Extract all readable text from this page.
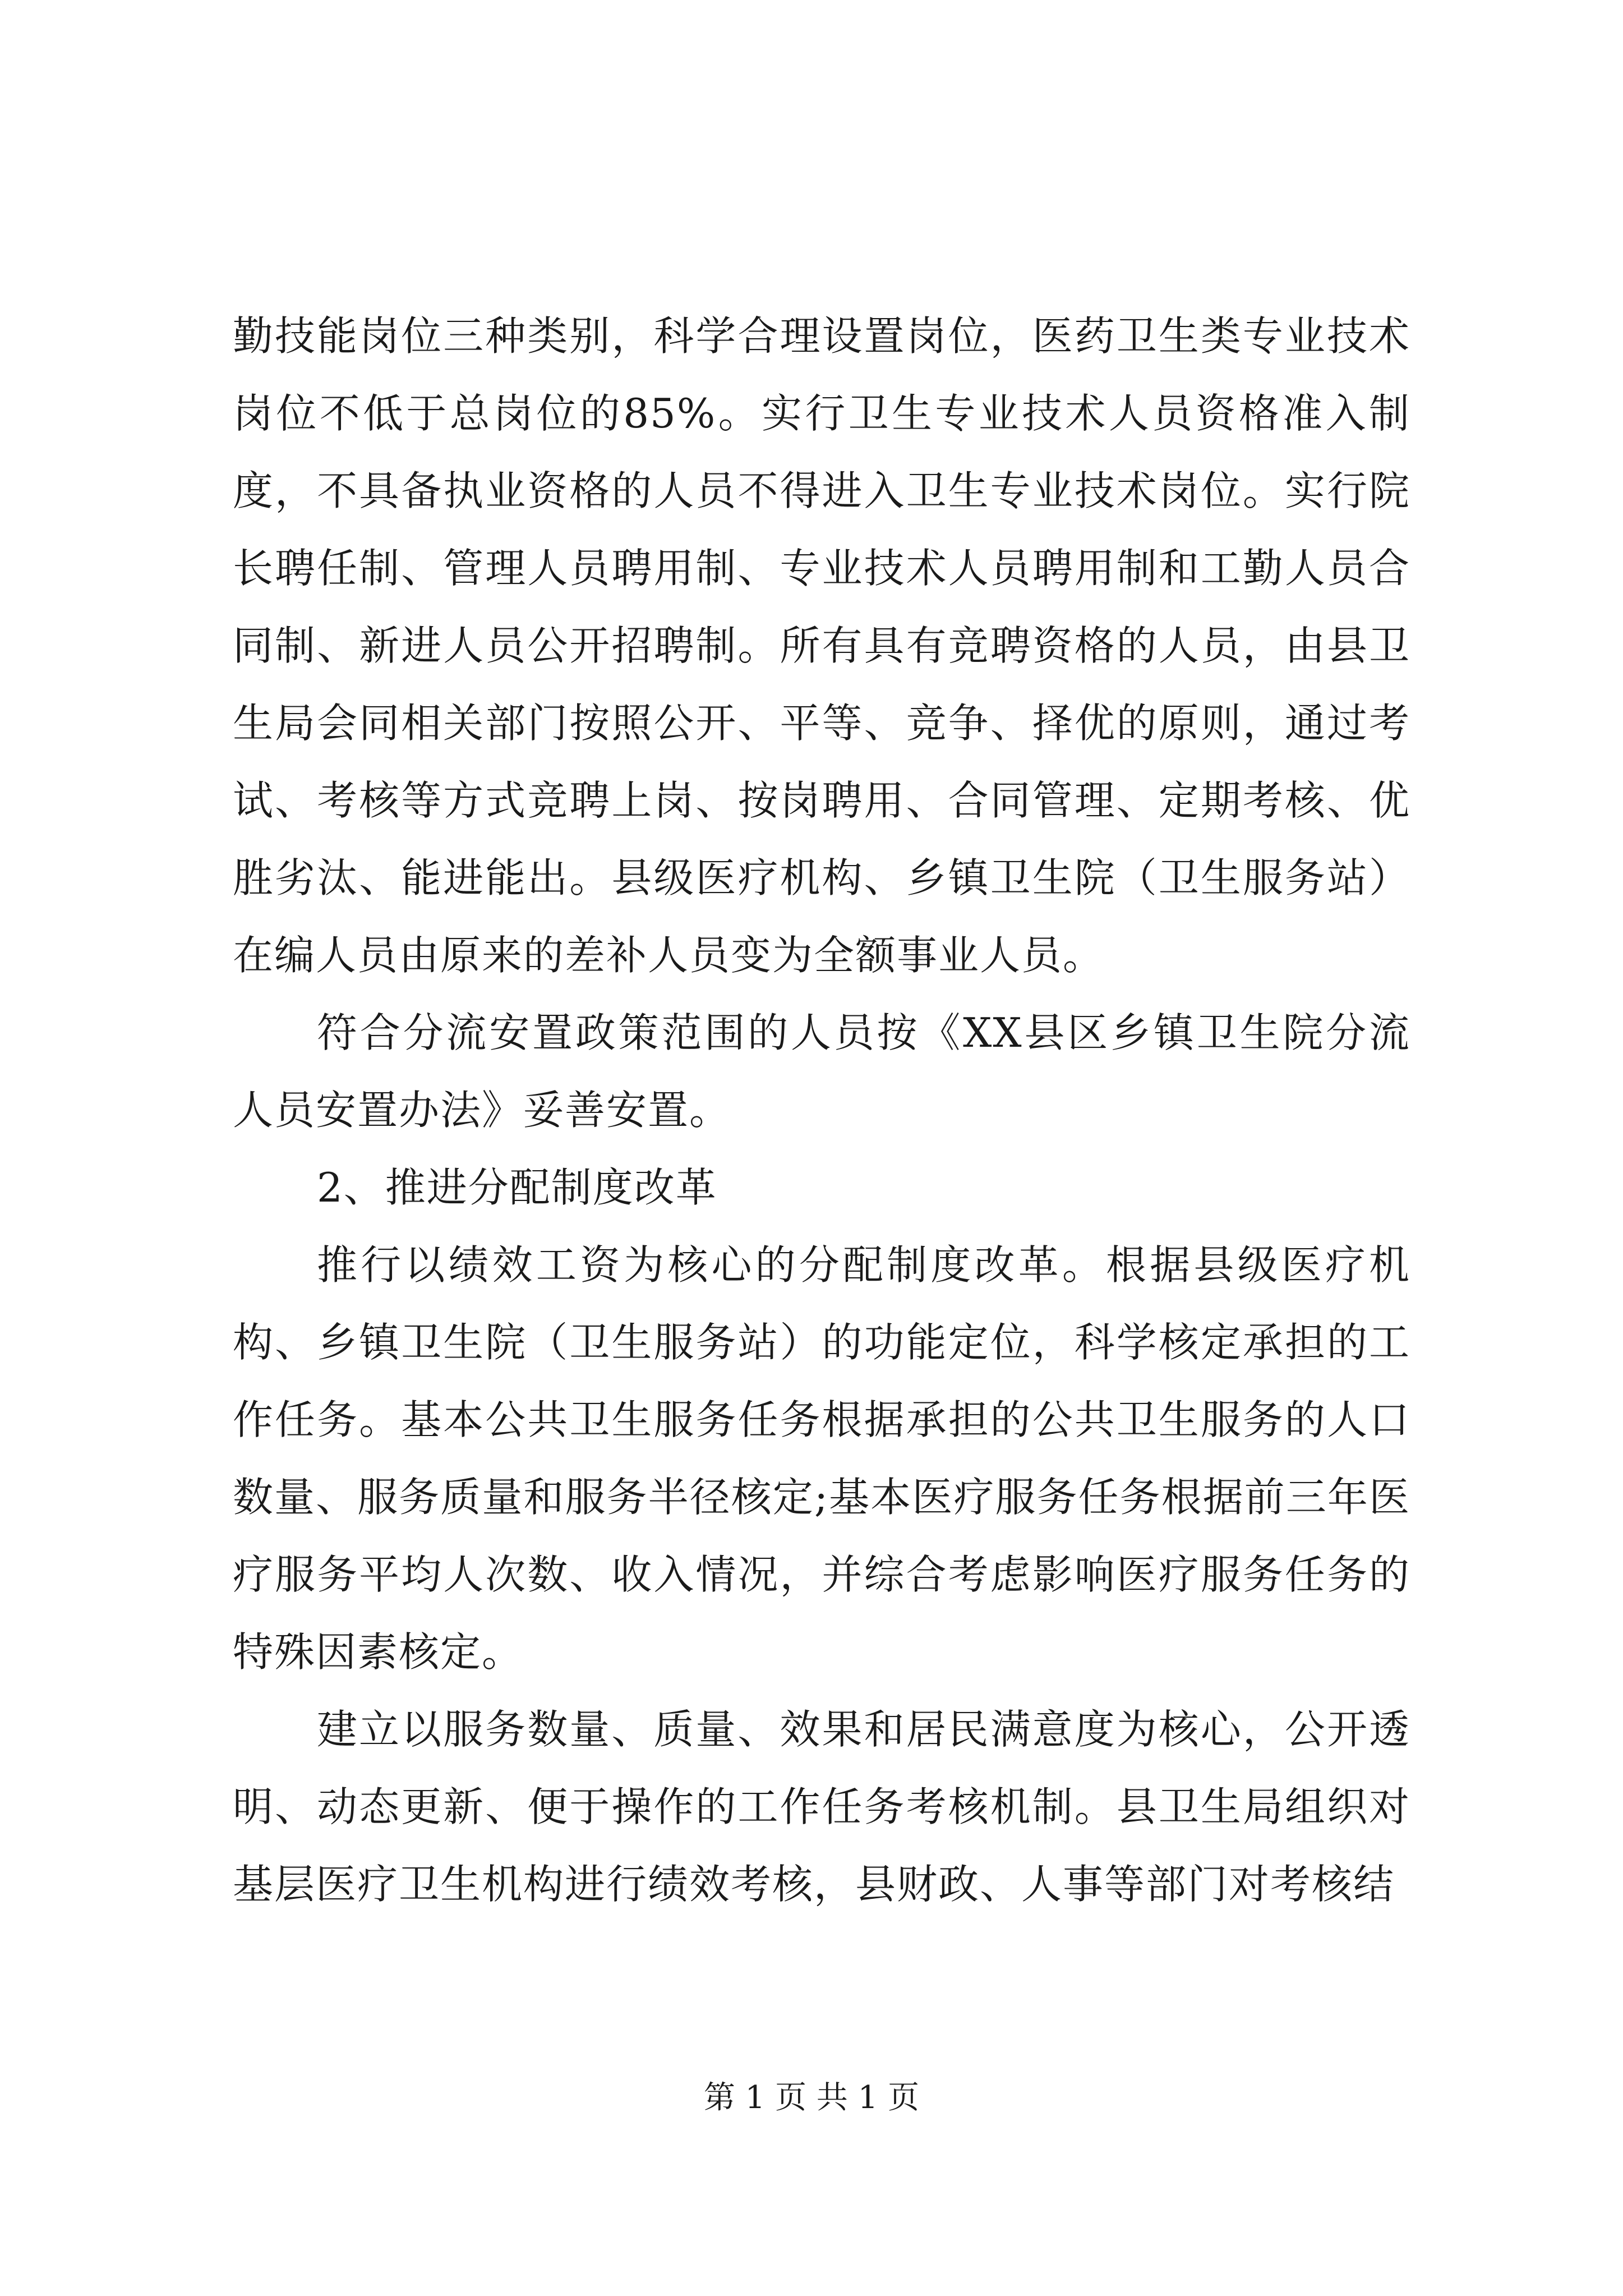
勤技能岗位三种类别，科学合理设置岗位，医药卫生类专业技术岗位不低于总岗位的85%。实行卫生专业技术人员资格准入制度，不具备执业资格的人员不得进入卫生专业技术岗位。实行院长聘任制、管理人员聘用制、专业技术人员聘用制和工勤人员合同制、新进人员公开招聘制。所有具有竞聘资格的人员，由县卫生局会同相关部门按照公开、平等、竞争、择优的原则，通过考试、考核等方式竞聘上岗、按岗聘用、合同管理、定期考核、优胜劣汰、能进能出。县级医疗机构、乡镇卫生院（卫生服务站）在编人员由原来的差补人员变为全额事业人员。

符合分流安置政策范围的人员按《XX县区乡镇卫生院分流人员安置办法》妥善安置。

2、推进分配制度改革

推行以绩效工资为核心的分配制度改革。根据县级医疗机构、乡镇卫生院（卫生服务站）的功能定位，科学核定承担的工作任务。基本公共卫生服务任务根据承担的公共卫生服务的人口数量、服务质量和服务半径核定;基本医疗服务任务根据前三年医疗服务平均人次数、收入情况，并综合考虑影响医疗服务任务的特殊因素核定。

建立以服务数量、质量、效果和居民满意度为核心，公开透明、动态更新、便于操作的工作任务考核机制。县卫生局组织对基层医疗卫生机构进行绩效考核，县财政、人事等部门对考核结

第 1 页 共 1 页
